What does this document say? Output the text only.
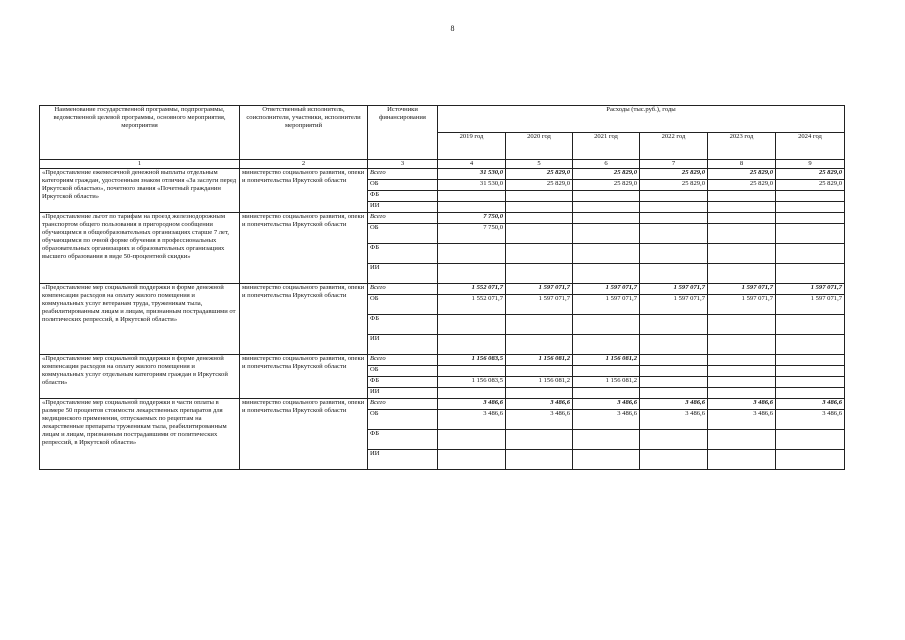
8
Наименование государственной программы, подпрограммы, ведомственной целевой программы, основного мероприятия, мероприятия	Ответственный исполнитель, соисполнители, участники, исполнители мероприятий	Источники финансирования	Расходы (тыс.руб.), годы					
			2019 год	2020 год	2021 год	2022 год	2023 год	2024 год
1	2	3	4	5	6	7	8	9
«Предоставление ежемесячной денежной выплаты отдельным категориям граждан, удостоенным знаком отличия «За заслуги перед Иркутской областью», почетного звания «Почетный гражданин Иркутской области»	министерство социального развития, опеки и попечительства Иркутской области	Всего	31 530,0	25 829,0	25 829,0	25 829,0	25 829,0	25 829,0
		ОБ	31 530,0	25 829,0	25 829,0	25 829,0	25 829,0	25 829,0
		ФБ						
		ИИ						
«Предоставление льгот по тарифам на проезд железнодорожным транспортом общего пользования в пригородном сообщении обучающимся в общеобразовательных организациях старше 7 лет, обучающимся по очной форме обучения в профессиональных образовательных организациях и образовательных организациях высшего образования в виде 50-процентной скидки»	министерство социального развития, опеки и попечительства Иркутской области	Всего	7 750,0					
		ОБ	7 750,0					
		ФБ						
		ИИ						
«Предоставление мер социальной поддержки в форме денежной компенсации расходов на оплату жилого помещения и коммунальных услуг ветеранам труда, труженикам тыла, реабилитированным лицам и лицам, признанным пострадавшими от политических репрессий, в Иркутской области»	министерство социального развития, опеки и попечительства Иркутской области	Всего	1 552 071,7	1 597 071,7	1 597 071,7	1 597 071,7	1 597 071,7	1 597 071,7
		ОБ	1 552 071,7	1 597 071,7	1 597 071,7	1 597 071,7	1 597 071,7	1 597 071,7
		ФБ						
		ИИ						
«Предоставление мер социальной поддержки в форме денежной компенсации расходов на оплату жилого помещения и коммунальных услуг отдельным категориям граждан в Иркутской области»	министерство социального развития, опеки и попечительства Иркутской области	Всего	1 156 083,5	1 156 081,2	1 156 081,2			
		ОБ						
		ФБ	1 156 083,5	1 156 081,2	1 156 081,2			
		ИИ						
«Предоставление мер социальной поддержки в части оплаты в размере 50 процентов стоимости лекарственных препаратов для медицинского применения, отпускаемых по рецептам на лекарственные препараты труженикам тыла, реабилитированным лицам и лицам, признанным пострадавшими от политических репрессий, в Иркутской области»	министерство социального развития, опеки и попечительства Иркутской области	Всего	3 486,6	3 486,6	3 486,6	3 486,6	3 486,6	3 486,6
		ОБ	3 486,6	3 486,6	3 486,6	3 486,6	3 486,6	3 486,6
		ФБ						
		ИИ						
